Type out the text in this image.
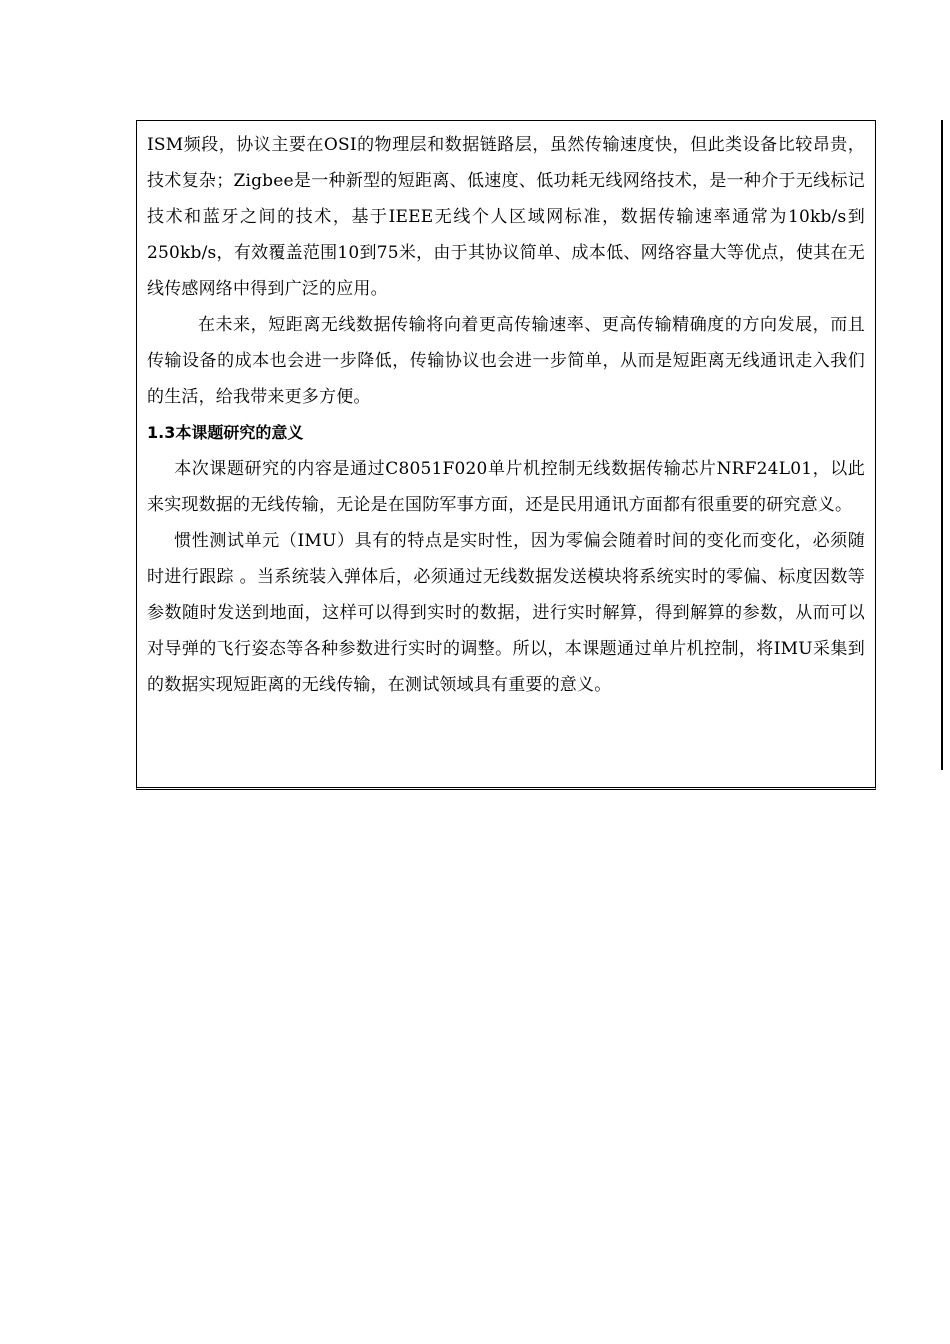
ISM频段，协议主要在OSI的物理层和数据链路层，虽然传输速度快，但此类设备比较昂贵，技术复杂；Zigbee是一种新型的短距离、低速度、低功耗无线网络技术，是一种介于无线标记技术和蓝牙之间的技术，基于IEEE无线个人区域网标准，数据传输速率通常为10kb/s到250kb/s，有效覆盖范围10到75米，由于其协议简单、成本低、网络容量大等优点，使其在无线传感网络中得到广泛的应用。

在未来，短距离无线数据传输将向着更高传输速率、更高传输精确度的方向发展，而且传输设备的成本也会进一步降低，传输协议也会进一步简单，从而是短距离无线通讯走入我们的生活，给我带来更多方便。

1.3本课题研究的意义

本次课题研究的内容是通过C8051F020单片机控制无线数据传输芯片NRF24L01，以此来实现数据的无线传输，无论是在国防军事方面，还是民用通讯方面都有很重要的研究意义。

惯性测试单元（IMU）具有的特点是实时性，因为零偏会随着时间的变化而变化，必须随时进行跟踪 。当系统装入弹体后，必须通过无线数据发送模块将系统实时的零偏、标度因数等参数随时发送到地面，这样可以得到实时的数据，进行实时解算，得到解算的参数，从而可以对导弹的飞行姿态等各种参数进行实时的调整。所以，本课题通过单片机控制，将IMU采集到的数据实现短距离的无线传输，在测试领域具有重要的意义。
